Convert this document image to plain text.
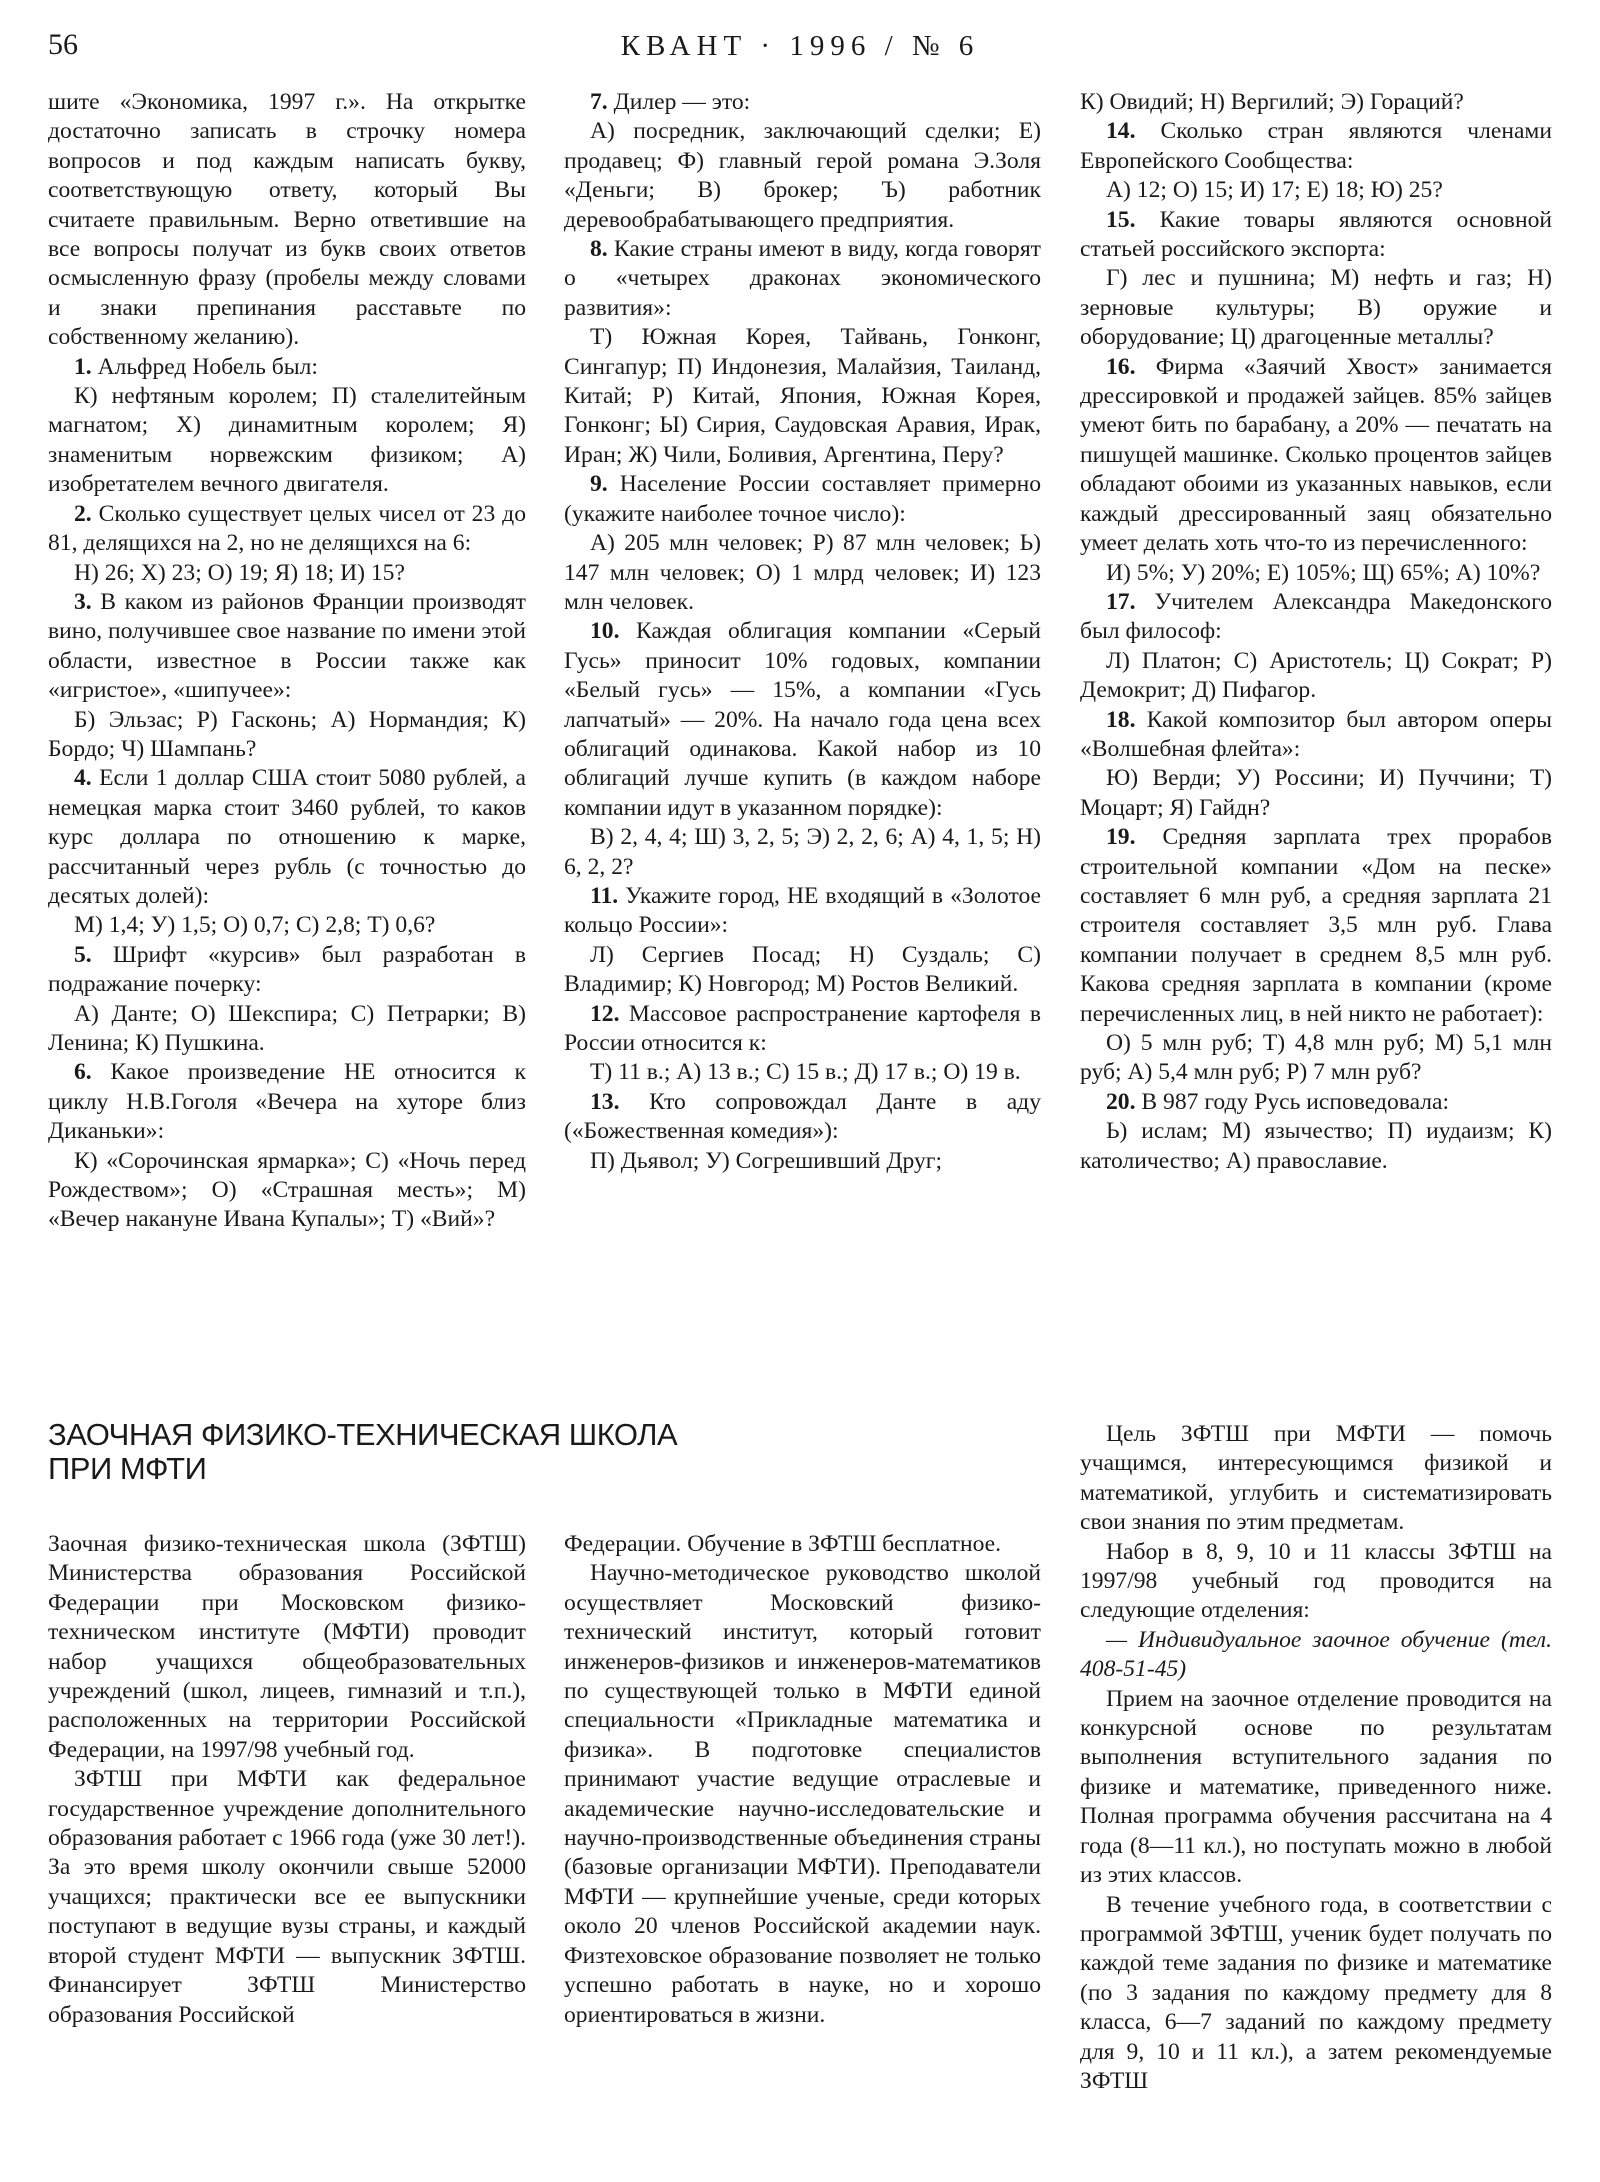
56	КВАНТ · 1996 / № 6

шите «Экономика, 1997 г.». На открытке достаточно записать в строчку номера вопросов и под каждым написать букву, соответствующую ответу, который Вы считаете правильным. Верно ответившие на все вопросы получат из букв своих ответов осмысленную фразу (пробелы между словами и знаки препинания расставьте по собственному желанию).

1. Альфред Нобель был:

К) нефтяным королем; П) сталелитейным магнатом; Х) динамитным королем; Я) знаменитым норвежским физиком; А) изобретателем вечного двигателя.

2. Сколько существует целых чисел от 23 до 81, делящихся на 2, но не делящихся на 6:

Н) 26; Х) 23; О) 19; Я) 18; И) 15?

3. В каком из районов Франции производят вино, получившее свое название по имени этой области, известное в России также как «игристое», «шипучее»:

Б) Эльзас; Р) Гасконь; А) Нормандия; К) Бордо; Ч) Шампань?

4. Если 1 доллар США стоит 5080 рублей, а немецкая марка стоит 3460 рублей, то каков курс доллара по отношению к марке, рассчитанный через рубль (с точностью до десятых долей):

М) 1,4; У) 1,5; О) 0,7; С) 2,8; Т) 0,6?

5. Шрифт «курсив» был разработан в подражание почерку:

А) Данте; О) Шекспира; С) Петрарки; В) Ленина; К) Пушкина.

6. Какое произведение НЕ относится к циклу Н.В.Гоголя «Вечера на хуторе близ Диканьки»:

К) «Сорочинская ярмарка»; С) «Ночь перед Рождеством»; О) «Страшная месть»; М) «Вечер накануне Ивана Купалы»; Т) «Вий»?

7. Дилер — это:

А) посредник, заключающий сделки; Е) продавец; Ф) главный герой романа Э.Золя «Деньги; В) брокер; Ъ) работник деревообрабатывающего предприятия.

8. Какие страны имеют в виду, когда говорят о «четырех драконах экономического развития»:

Т) Южная Корея, Тайвань, Гонконг, Сингапур; П) Индонезия, Малайзия, Таиланд, Китай; Р) Китай, Япония, Южная Корея, Гонконг; Ы) Сирия, Саудовская Аравия, Ирак, Иран; Ж) Чили, Боливия, Аргентина, Перу?

9. Население России составляет примерно (укажите наиболее точное число):

А) 205 млн человек; Р) 87 млн человек; Ь) 147 млн человек; О) 1 млрд человек; И) 123 млн человек.

10. Каждая облигация компании «Серый Гусь» приносит 10% годовых, компании «Белый гусь» — 15%, а компании «Гусь лапчатый» — 20%. На начало года цена всех облигаций одинакова. Какой набор из 10 облигаций лучше купить (в каждом наборе компании идут в указанном порядке):

В) 2, 4, 4; Ш) 3, 2, 5; Э) 2, 2, 6; А) 4, 1, 5; Н) 6, 2, 2?

11. Укажите город, НЕ входящий в «Золотое кольцо России»:

Л) Сергиев Посад; Н) Суздаль; С) Владимир; К) Новгород; М) Ростов Великий.

12. Массовое распространение картофеля в России относится к:

Т) 11 в.; А) 13 в.; С) 15 в.; Д) 17 в.; О) 19 в.

13. Кто сопровождал Данте в аду («Божественная комедия»):

П) Дьявол; У) Согрешивший Друг;

К) Овидий; Н) Вергилий; Э) Гораций?

14. Сколько стран являются членами Европейского Сообщества:

А) 12; О) 15; И) 17; Е) 18; Ю) 25?

15. Какие товары являются основной статьей российского экспорта:

Г) лес и пушнина; М) нефть и газ; Н) зерновые культуры; В) оружие и оборудование; Ц) драгоценные металлы?

16. Фирма «Заячий Хвост» занимается дрессировкой и продажей зайцев. 85% зайцев умеют бить по барабану, а 20% — печатать на пишущей машинке. Сколько процентов зайцев обладают обоими из указанных навыков, если каждый дрессированный заяц обязательно умеет делать хоть что-то из перечисленного:

И) 5%; У) 20%; Е) 105%; Щ) 65%; А) 10%?

17. Учителем Александра Македонского был философ:

Л) Платон; С) Аристотель; Ц) Сократ; Р) Демокрит; Д) Пифагор.

18. Какой композитор был автором оперы «Волшебная флейта»:

Ю) Верди; У) Россини; И) Пуччини; Т) Моцарт; Я) Гайдн?

19. Средняя зарплата трех прорабов строительной компании «Дом на песке» составляет 6 млн руб, а средняя зарплата 21 строителя составляет 3,5 млн руб. Глава компании получает в среднем 8,5 млн руб. Какова средняя зарплата в компании (кроме перечисленных лиц, в ней никто не работает):

О) 5 млн руб; Т) 4,8 млн руб; М) 5,1 млн руб; А) 5,4 млн руб; Р) 7 млн руб?

20. В 987 году Русь исповедовала:

Ь) ислам; М) язычество; П) иудаизм; К) католичество; А) православие.

ЗАОЧНАЯ ФИЗИКО-ТЕХНИЧЕСКАЯ ШКОЛА
ПРИ МФТИ

Заочная физико-техническая школа (ЗФТШ) Министерства образования Российской Федерации при Московском физико-техническом институте (МФТИ) проводит набор учащихся общеобразовательных учреждений (школ, лицеев, гимназий и т.п.), расположенных на территории Российской Федерации, на 1997/98 учебный год.

ЗФТШ при МФТИ как федеральное государственное учреждение дополнительного образования работает с 1966 года (уже 30 лет!). За это время школу окончили свыше 52000 учащихся; практически все ее выпускники поступают в ведущие вузы страны, и каждый второй студент МФТИ — выпускник ЗФТШ. Финансирует ЗФТШ Министерство образования Российской

Федерации. Обучение в ЗФТШ бесплатное.

Научно-методическое руководство школой осуществляет Московский физико-технический институт, который готовит инженеров-физиков и инженеров-математиков по существующей только в МФТИ единой специальности «Прикладные математика и физика». В подготовке специалистов принимают участие ведущие отраслевые и академические научно-исследовательские и научно-производственные объединения страны (базовые организации МФТИ). Преподаватели МФТИ — крупнейшие ученые, среди которых около 20 членов Российской академии наук. Физтеховское образование позволяет не только успешно работать в науке, но и хорошо ориентироваться в жизни.

Цель ЗФТШ при МФТИ — помочь учащимся, интересующимся физикой и математикой, углубить и систематизировать свои знания по этим предметам.

Набор в 8, 9, 10 и 11 классы ЗФТШ на 1997/98 учебный год проводится на следующие отделения:

— Индивидуальное заочное обучение (тел. 408-51-45)

Прием на заочное отделение проводится на конкурсной основе по результатам выполнения вступительного задания по физике и математике, приведенного ниже. Полная программа обучения рассчитана на 4 года (8—11 кл.), но поступать можно в любой из этих классов.

В течение учебного года, в соответствии с программой ЗФТШ, ученик будет получать по каждой теме задания по физике и математике (по 3 задания по каждому предмету для 8 класса, 6—7 заданий по каждому предмету для 9, 10 и 11 кл.), а затем рекомендуемые ЗФТШ
